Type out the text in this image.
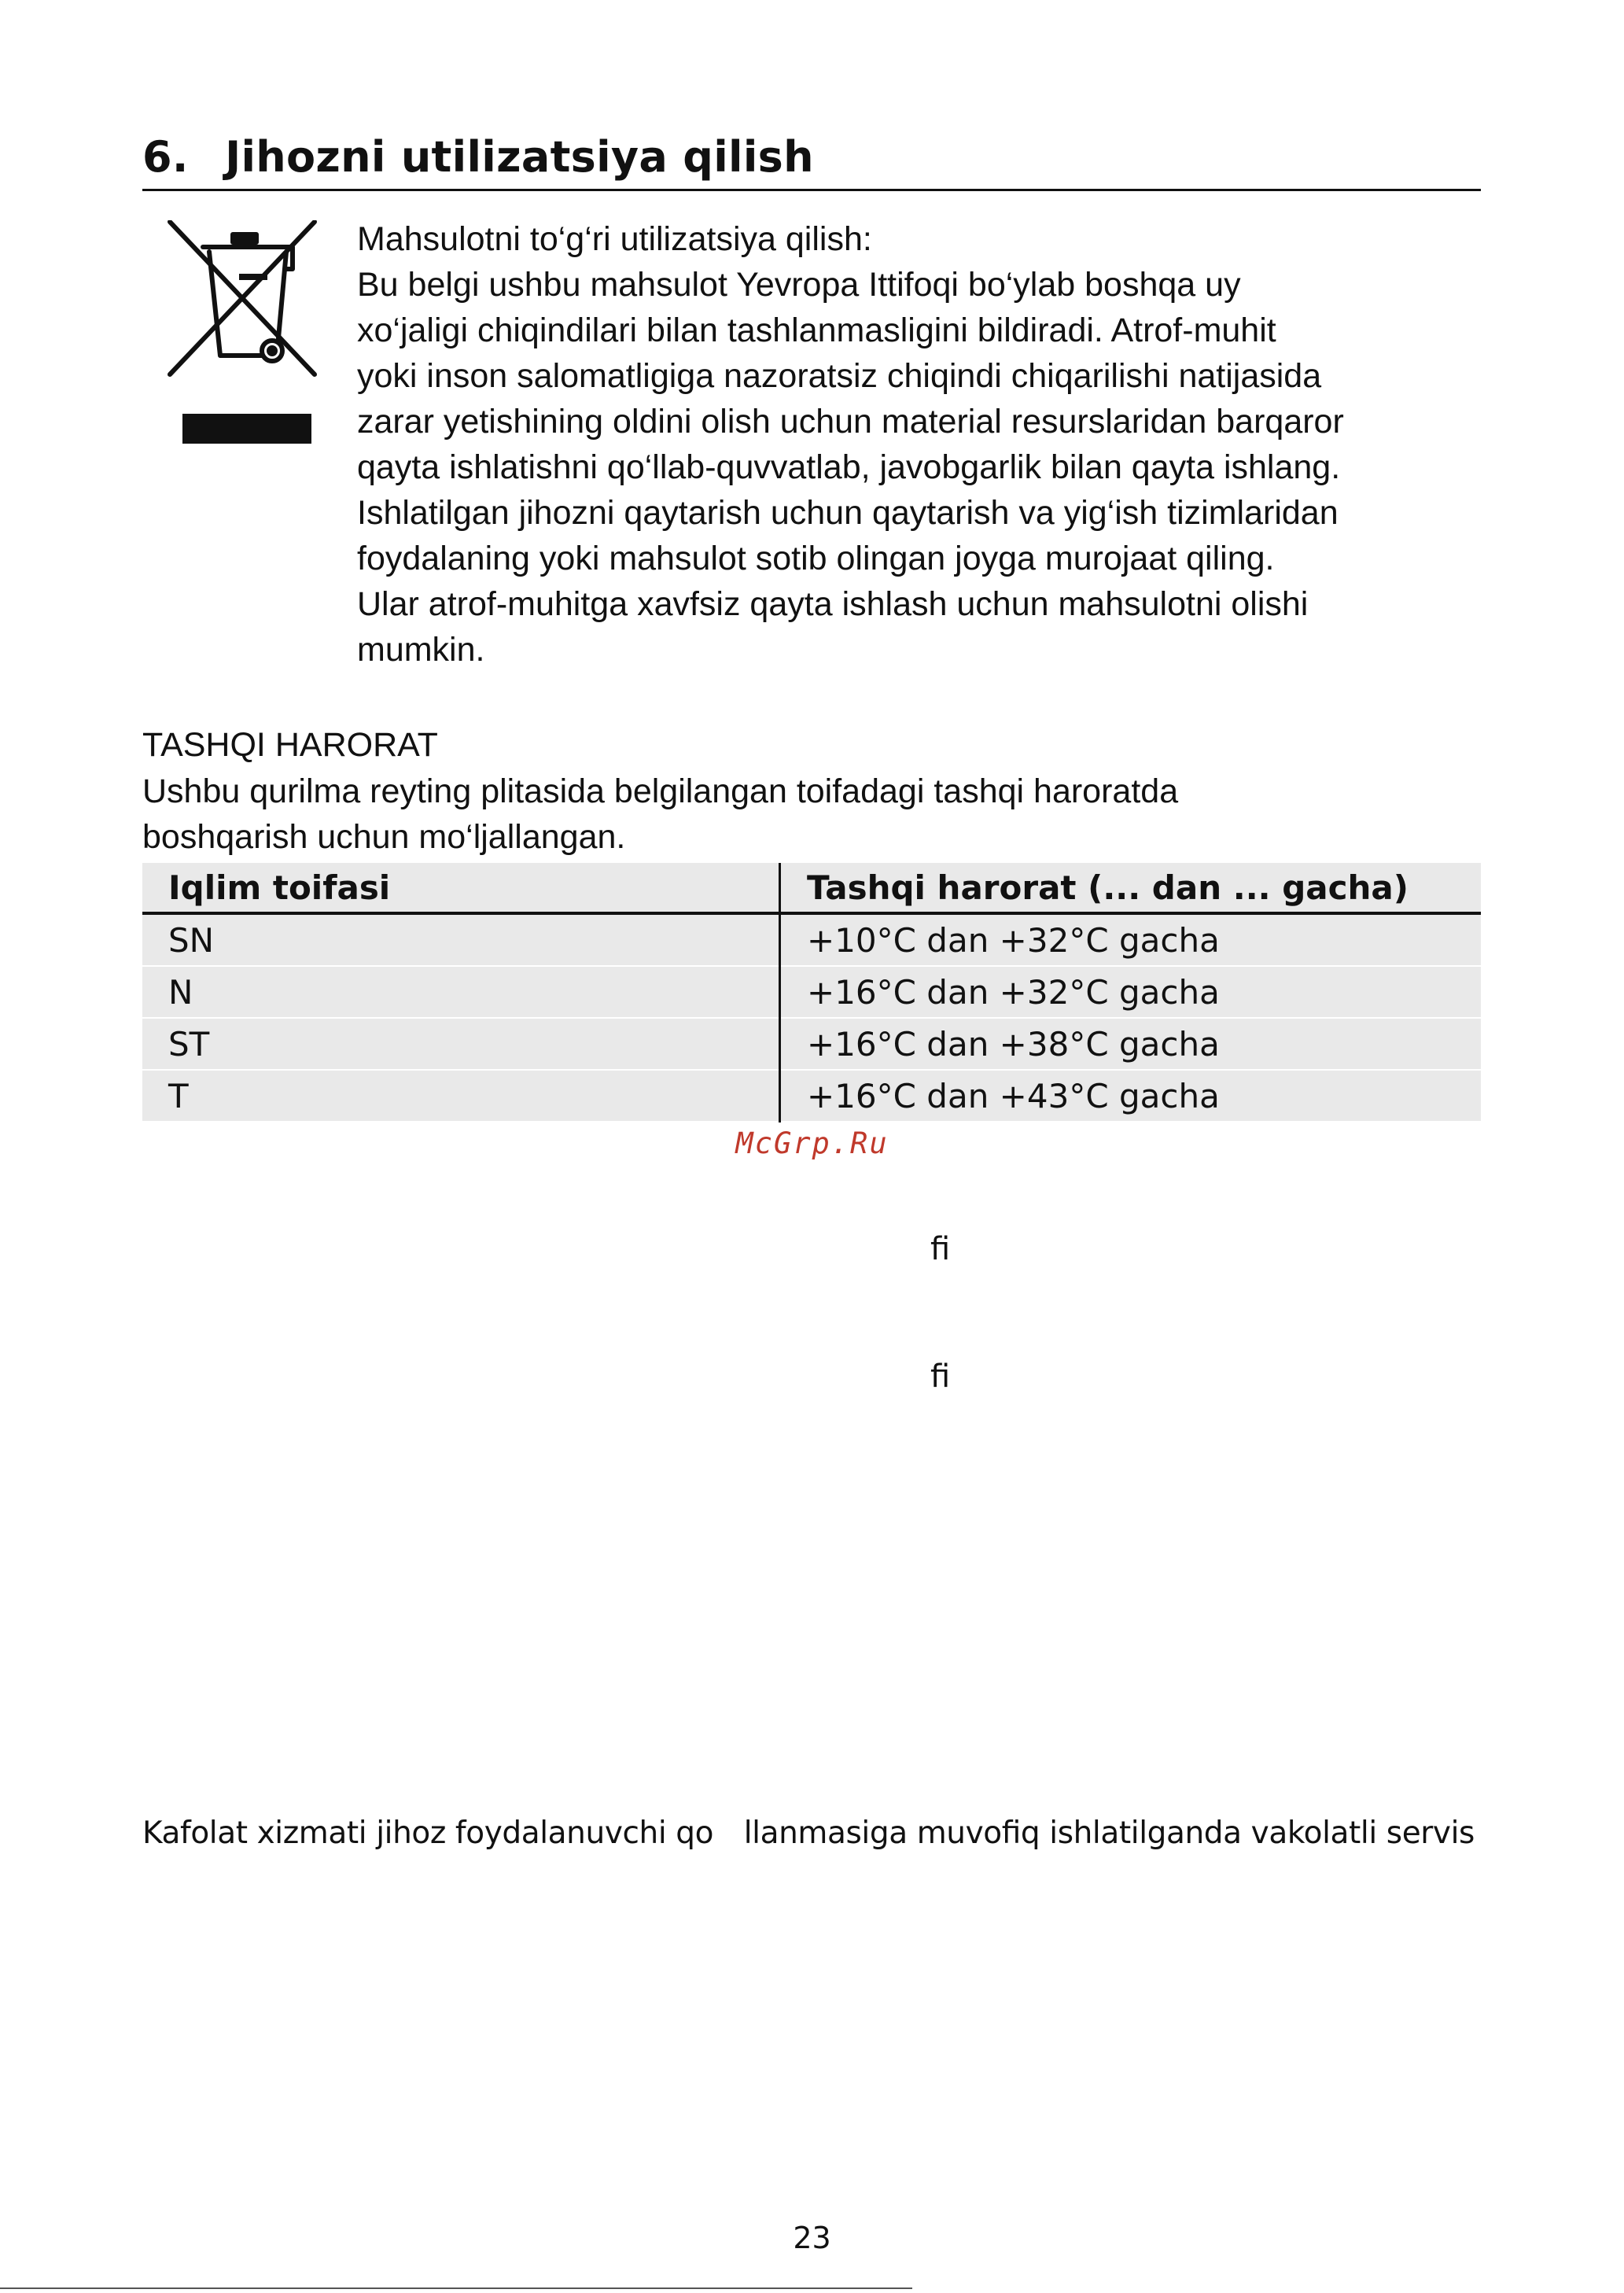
6.  Jihozni utilizatsiya qilish
Mahsulotni to‘g‘ri utilizatsiya qilish:
Bu belgi ushbu mahsulot Yevropa Ittifoqi bo‘ylab boshqa uy
xo‘jaligi chiqindilari bilan tashlanmasligini bildiradi. Atrof-muhit
yoki inson salomatligiga nazoratsiz chiqindi chiqarilishi natijasida
zarar yetishining oldini olish uchun material resurslaridan barqaror
qayta ishlatishni qo‘llab-quvvatlab, javobgarlik bilan qayta ishlang.
Ishlatilgan jihozni qaytarish uchun qaytarish va yig‘ish tizimlaridan
foydalaning yoki mahsulot sotib olingan joyga murojaat qiling.
Ular atrof-muhitga xavfsiz qayta ishlash uchun mahsulotni olishi
mumkin.
TASHQI HARORAT
Ushbu qurilma reyting plitasida belgilangan toifadagi tashqi haroratda
boshqarish uchun mo‘ljallangan.
Iqlim toifasi	Tashqi harorat (... dan ... gacha)
SN	+10°C dan +32°C gacha
N	+16°C dan +32°C gacha
ST	+16°C dan +38°C gacha
T	+16°C dan +43°C gacha
McGrp.Ru
ﬁ
ﬁ
Kafolat xizmati jihoz foydalanuvchi qo llanmasiga muvoﬁq ishlatilganda vakolatli servis
23
